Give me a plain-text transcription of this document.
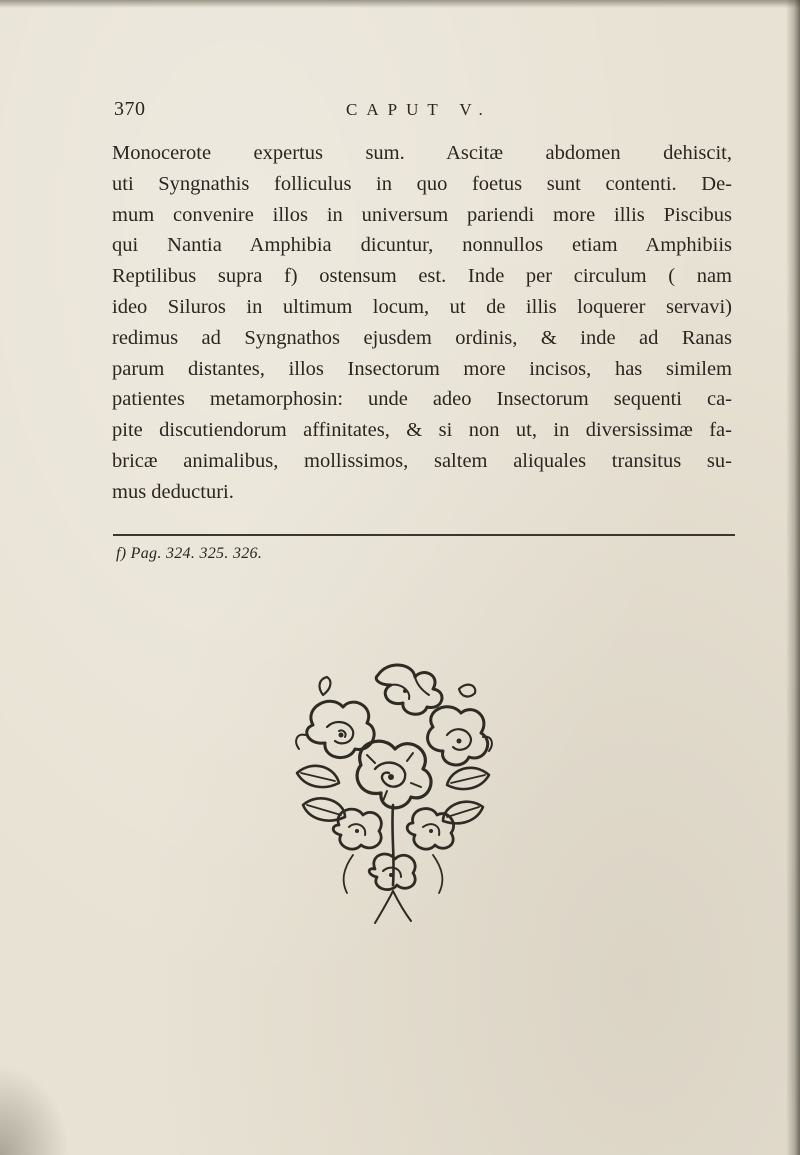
370	CAPUT V.
Monocerote expertus sum. Ascitæ abdomen dehiscit,
uti Syngnathis folliculus in quo foetus sunt contenti. De-
mum convenire illos in universum pariendi more illis Piscibus
qui Nantia Amphibia dicuntur, nonnullos etiam Amphibiis
Reptilibus supra f) ostensum est. Inde per circulum ( nam
ideo Siluros in ultimum locum, ut de illis loquerer servavi)
redimus ad Syngnathos ejusdem ordinis, & inde ad Ranas
parum distantes, illos Insectorum more incisos, has similem
patientes metamorphosin: unde adeo Insectorum sequenti ca-
pite discutiendorum affinitates, & si non ut, in diversissimæ fa-
bricæ animalibus, mollissimos, saltem aliquales transitus su-
mus deducturi.
f) Pag. 324. 325. 326.
